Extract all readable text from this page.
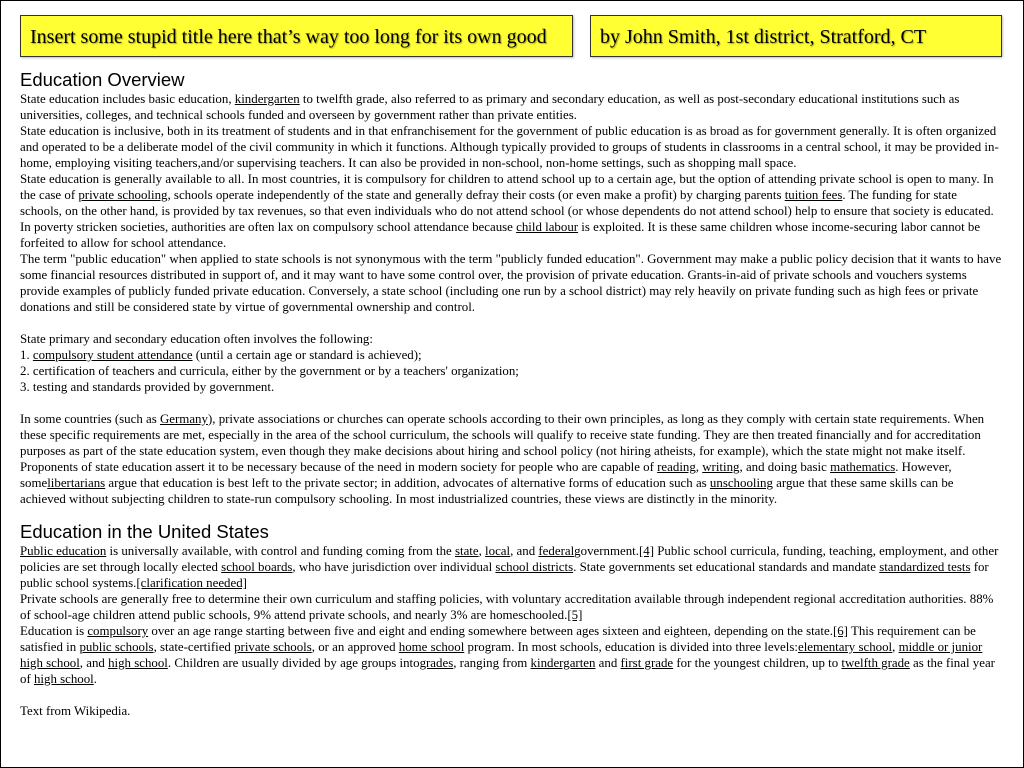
Insert some stupid title here that’s way too long for its own good	by John Smith, 1st district, Stratford, CT
Education Overview

State education includes basic education, kindergarten to twelfth grade, also referred to as primary and secondary education, as well as post-secondary educational institutions such as universities, colleges, and technical schools funded and overseen by government rather than private entities.

State education is inclusive, both in its treatment of students and in that enfranchisement for the government of public education is as broad as for government generally. It is often organized and operated to be a deliberate model of the civil community in which it functions. Although typically provided to groups of students in classrooms in a central school, it may be provided in-home, employing visiting teachers,and/or supervising teachers. It can also be provided in non-school, non-home settings, such as shopping mall space.

State education is generally available to all. In most countries, it is compulsory for children to attend school up to a certain age, but the option of attending private school is open to many. In the case of private schooling, schools operate independently of the state and generally defray their costs (or even make a profit) by charging parents tuition fees. The funding for state schools, on the other hand, is provided by tax revenues, so that even individuals who do not attend school (or whose dependents do not attend school) help to ensure that society is educated. In poverty stricken societies, authorities are often lax on compulsory school attendance because child labour is exploited. It is these same children whose income-securing labor cannot be forfeited to allow for school attendance.

The term "public education" when applied to state schools is not synonymous with the term "publicly funded education". Government may make a public policy decision that it wants to have some financial resources distributed in support of, and it may want to have some control over, the provision of private education. Grants-in-aid of private schools and vouchers systems provide examples of publicly funded private education. Conversely, a state school (including one run by a school district) may rely heavily on private funding such as high fees or private donations and still be considered state by virtue of governmental ownership and control.

State primary and secondary education often involves the following:

1. compulsory student attendance (until a certain age or standard is achieved);

2. certification of teachers and curricula, either by the government or by a teachers' organization;

3. testing and standards provided by government.

In some countries (such as Germany), private associations or churches can operate schools according to their own principles, as long as they comply with certain state requirements. When these specific requirements are met, especially in the area of the school curriculum, the schools will qualify to receive state funding. They are then treated financially and for accreditation purposes as part of the state education system, even though they make decisions about hiring and school policy (not hiring atheists, for example), which the state might not make itself.

Proponents of state education assert it to be necessary because of the need in modern society for people who are capable of reading, writing, and doing basic mathematics. However, somelibertarians argue that education is best left to the private sector; in addition, advocates of alternative forms of education such as unschooling argue that these same skills can be achieved without subjecting children to state-run compulsory schooling. In most industrialized countries, these views are distinctly in the minority.

Education in the United States

Public education is universally available, with control and funding coming from the state, local, and federalgovernment.[4] Public school curricula, funding, teaching, employment, and other policies are set through locally elected school boards, who have jurisdiction over individual school districts. State governments set educational standards and mandate standardized tests for public school systems.[clarification needed]

Private schools are generally free to determine their own curriculum and staffing policies, with voluntary accreditation available through independent regional accreditation authorities. 88% of school-age children attend public schools, 9% attend private schools, and nearly 3% are homeschooled.[5]

Education is compulsory over an age range starting between five and eight and ending somewhere between ages sixteen and eighteen, depending on the state.[6] This requirement can be satisfied in public schools, state-certified private schools, or an approved home school program. In most schools, education is divided into three levels:elementary school, middle or junior high school, and high school. Children are usually divided by age groups intogrades, ranging from kindergarten and first grade for the youngest children, up to twelfth grade as the final year of high school.

Text from Wikipedia.
